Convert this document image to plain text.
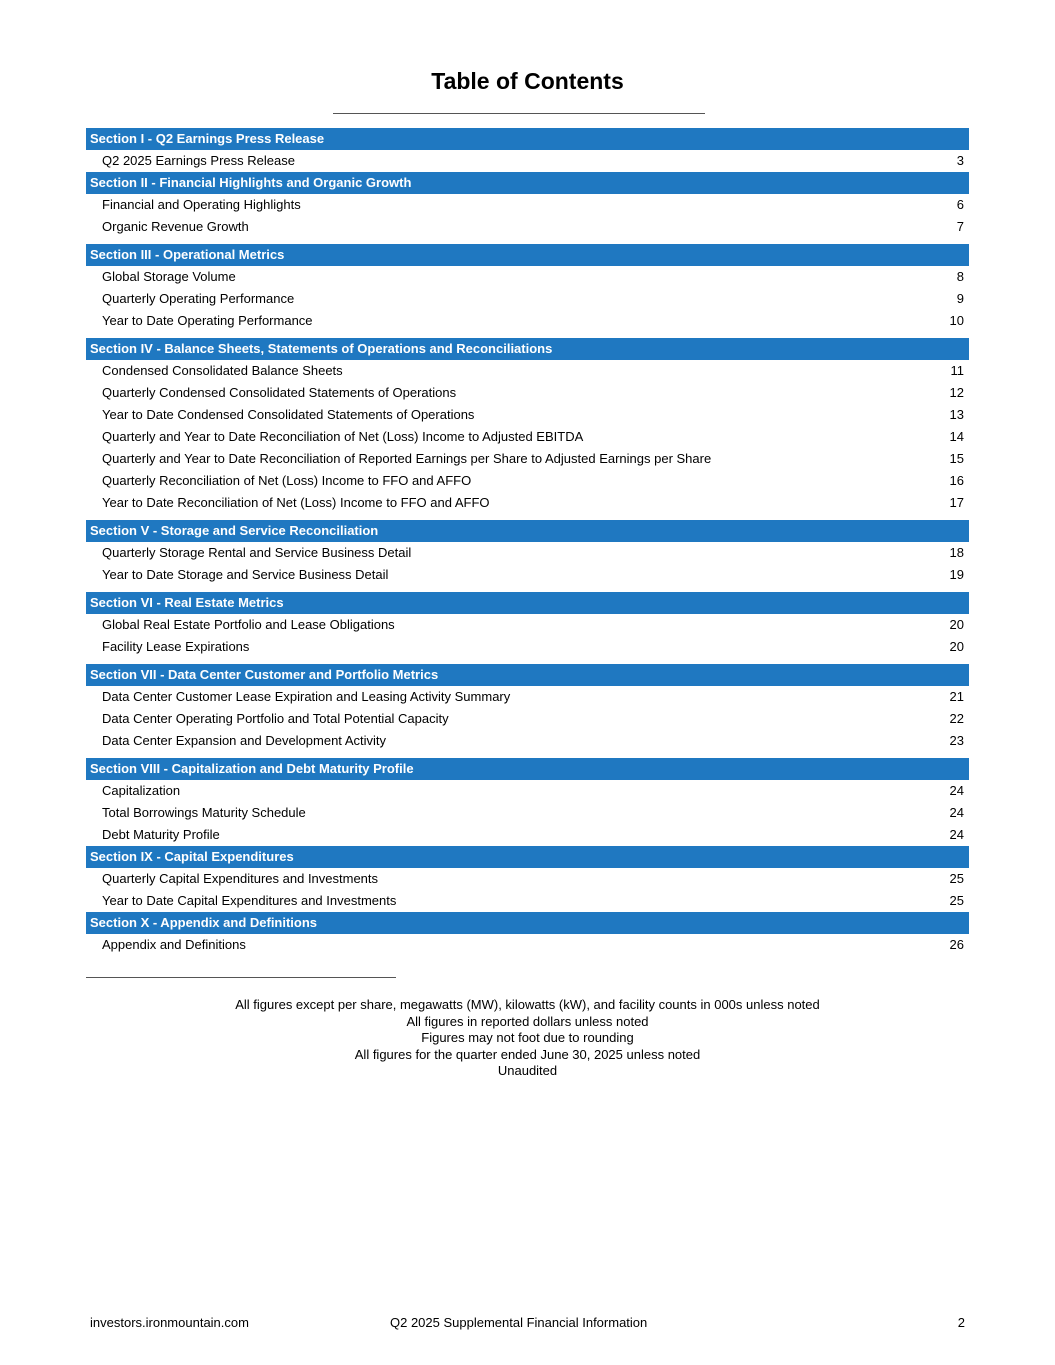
Table of Contents
Section I - Q2 Earnings Press Release
Q2 2025 Earnings Press Release	3
Section II - Financial Highlights and Organic Growth
Financial and Operating Highlights	6
Organic Revenue Growth	7
Section III - Operational Metrics
Global Storage Volume	8
Quarterly Operating Performance	9
Year to Date Operating Performance	10
Section IV - Balance Sheets, Statements of Operations and Reconciliations
Condensed Consolidated Balance Sheets	11
Quarterly Condensed Consolidated Statements of Operations	12
Year to Date Condensed Consolidated Statements of Operations	13
Quarterly and Year to Date Reconciliation of Net (Loss) Income to Adjusted EBITDA	14
Quarterly and Year to Date Reconciliation of Reported Earnings per Share to Adjusted Earnings per Share	15
Quarterly Reconciliation of Net (Loss) Income to FFO and AFFO	16
Year to Date Reconciliation of Net (Loss) Income to FFO and AFFO	17
Section V - Storage and Service Reconciliation
Quarterly Storage Rental and Service Business Detail	18
Year to Date Storage and Service Business Detail	19
Section VI - Real Estate Metrics
Global Real Estate Portfolio and Lease Obligations	20
Facility Lease Expirations	20
Section VII - Data Center Customer and Portfolio Metrics
Data Center Customer Lease Expiration and Leasing Activity Summary	21
Data Center Operating Portfolio and Total Potential Capacity	22
Data Center Expansion and Development Activity	23
Section VIII - Capitalization and Debt Maturity Profile
Capitalization	24
Total Borrowings Maturity Schedule	24
Debt Maturity Profile	24
Section IX - Capital Expenditures
Quarterly Capital Expenditures and Investments	25
Year to Date Capital Expenditures and Investments	25
Section X - Appendix and Definitions
Appendix and Definitions	26
All figures except per share, megawatts (MW), kilowatts (kW), and facility counts in 000s unless noted
All figures in reported dollars unless noted
Figures may not foot due to rounding
All figures for the quarter ended June 30, 2025 unless noted
Unaudited
investors.ironmountain.com	Q2 2025 Supplemental Financial Information	2
